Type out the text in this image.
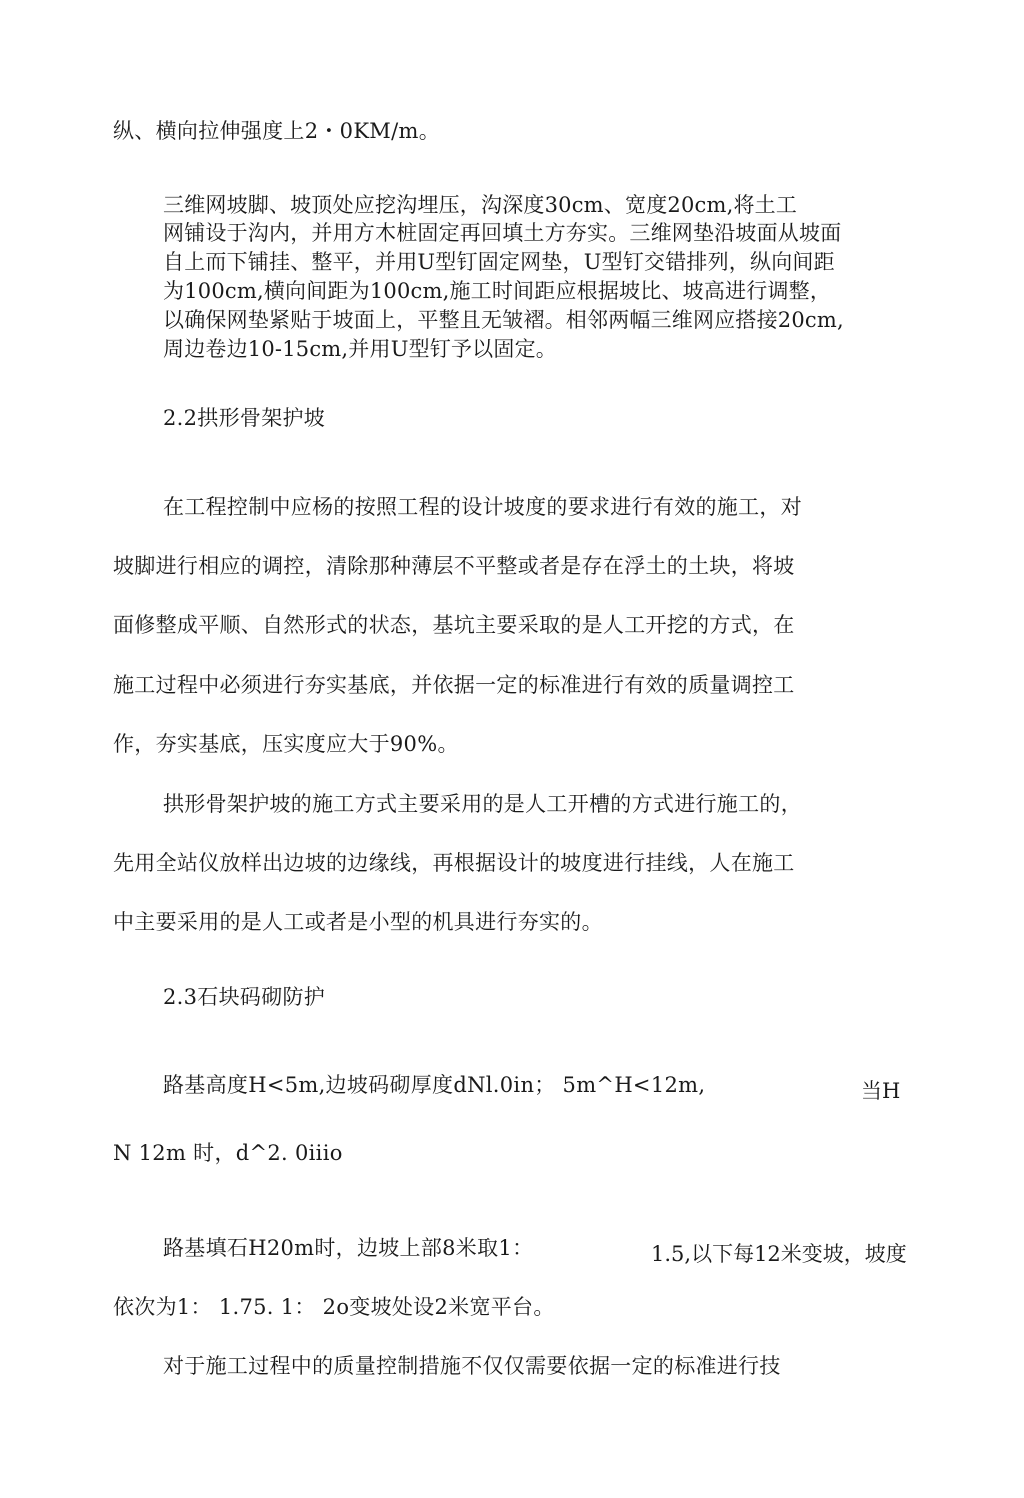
纵、横向拉伸强度上2・0KM/m。
三维网坡脚、坡顶处应挖沟埋压，沟深度30cm、宽度20cm,将土工
网铺设于沟内，并用方木桩固定再回填土方夯实。三维网垫沿坡面从坡面
自上而下铺挂、整平，并用U型钉固定网垫，U型钉交错排列，纵向间距
为100cm,横向间距为100cm,施工时间距应根据坡比、坡高进行调整，
以确保网垫紧贴于坡面上，平整且无皱褶。相邻两幅三维网应搭接20cm,
周边卷边10-15cm,并用U型钉予以固定。
2.2拱形骨架护坡
在工程控制中应杨的按照工程的设计坡度的要求进行有效的施工，对
坡脚进行相应的调控，清除那种薄层不平整或者是存在浮土的土块，将坡
面修整成平顺、自然形式的状态，基坑主要采取的是人工开挖的方式，在
施工过程中必须进行夯实基底，并依据一定的标准进行有效的质量调控工
作，夯实基底，压实度应大于90%。
拱形骨架护坡的施工方式主要采用的是人工开槽的方式进行施工的，
先用全站仪放样出边坡的边缘线，再根据设计的坡度进行挂线，人在施工
中主要采用的是人工或者是小型的机具进行夯实的。
2.3石块码砌防护
路基高度H<5m,边坡码砌厚度dNl.0in； 5m^H<12m,	当H
N 12m 时，d^2. 0iiio
路基填石H20m时，边坡上部8米取1：	1.5,以下每12米变坡，坡度
依次为1： 1.75. 1： 2o变坡处设2米宽平台。
对于施工过程中的质量控制措施不仅仅需要依据一定的标准进行技
